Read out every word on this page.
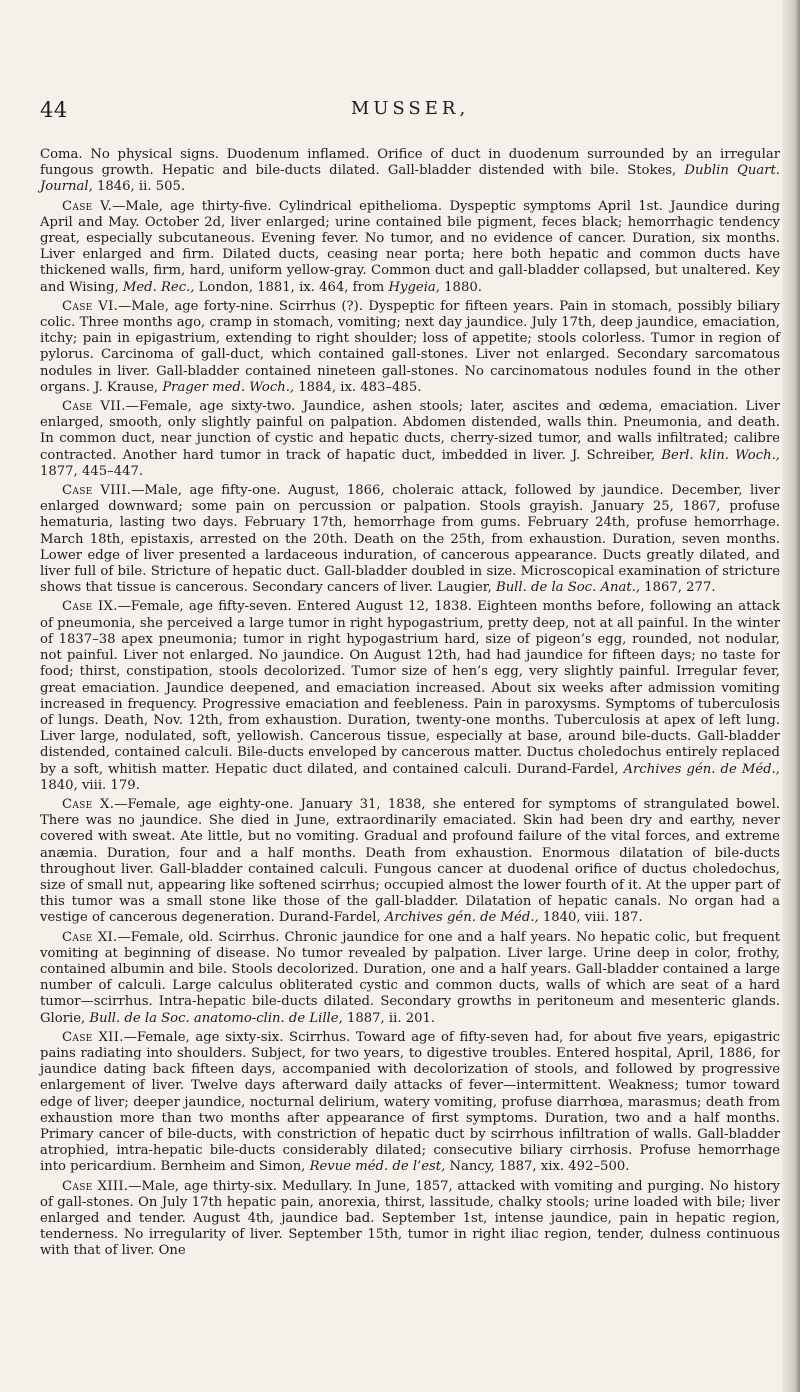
44	MUSSER,

Coma. No physical signs. Duodenum inflamed. Orifice of duct in duodenum surrounded by an irregular fungous growth. Hepatic and bile-ducts dilated. Gall-bladder distended with bile. Stokes, Dublin Quart. Journal, 1846, ii. 505.

Case V.—Male, age thirty-five. Cylindrical epithelioma. Dyspeptic symptoms April 1st. Jaundice during April and May. October 2d, liver enlarged; urine contained bile pigment, feces black; hemorrhagic tendency great, especially subcutaneous. Evening fever. No tumor, and no evidence of cancer. Duration, six months. Liver enlarged and firm. Dilated ducts, ceasing near porta; here both hepatic and common ducts have thickened walls, firm, hard, uniform yellow-gray. Common duct and gall-bladder collapsed, but unaltered. Key and Wising, Med. Rec., London, 1881, ix. 464, from Hygeia, 1880.

Case VI.—Male, age forty-nine. Scirrhus (?). Dyspeptic for fifteen years. Pain in stomach, possibly biliary colic. Three months ago, cramp in stomach, vomiting; next day jaundice. July 17th, deep jaundice, emaciation, itchy; pain in epigastrium, extending to right shoulder; loss of appetite; stools colorless. Tumor in region of pylorus. Carcinoma of gall-duct, which contained gall-stones. Liver not enlarged. Secondary sarcomatous nodules in liver. Gall-bladder contained nineteen gall-stones. No carcinomatous nodules found in the other organs. J. Krause, Prager med. Woch., 1884, ix. 483–485.

Case VII.—Female, age sixty-two. Jaundice, ashen stools; later, ascites and œdema, emaciation. Liver enlarged, smooth, only slightly painful on palpation. Abdomen distended, walls thin. Pneumonia, and death. In common duct, near junction of cystic and hepatic ducts, cherry-sized tumor, and walls infiltrated; calibre contracted. Another hard tumor in track of hapatic duct, imbedded in liver. J. Schreiber, Berl. klin. Woch., 1877, 445–447.

Case VIII.—Male, age fifty-one. August, 1866, choleraic attack, followed by jaundice. December, liver enlarged downward; some pain on percussion or palpation. Stools grayish. January 25, 1867, profuse hematuria, lasting two days. February 17th, hemorrhage from gums. February 24th, profuse hemorrhage. March 18th, epistaxis, arrested on the 20th. Death on the 25th, from exhaustion. Duration, seven months. Lower edge of liver presented a lardaceous induration, of cancerous appearance. Ducts greatly dilated, and liver full of bile. Stricture of hepatic duct. Gall-bladder doubled in size. Microscopical examination of stricture shows that tissue is cancerous. Secondary cancers of liver. Laugier, Bull. de la Soc. Anat., 1867, 277.

Case IX.—Female, age fifty-seven. Entered August 12, 1838. Eighteen months before, following an attack of pneumonia, she perceived a large tumor in right hypogastrium, pretty deep, not at all painful. In the winter of 1837–38 apex pneumonia; tumor in right hypogastrium hard, size of pigeon’s egg, rounded, not nodular, not painful. Liver not enlarged. No jaundice. On August 12th, had had jaundice for fifteen days; no taste for food; thirst, constipation, stools decolorized. Tumor size of hen’s egg, very slightly painful. Irregular fever, great emaciation. Jaundice deepened, and emaciation increased. About six weeks after admission vomiting increased in frequency. Progressive emaciation and feebleness. Pain in paroxysms. Symptoms of tuberculosis of lungs. Death, Nov. 12th, from exhaustion. Duration, twenty-one months. Tuberculosis at apex of left lung. Liver large, nodulated, soft, yellowish. Cancerous tissue, especially at base, around bile-ducts. Gall-bladder distended, contained calculi. Bile-ducts enveloped by cancerous matter. Ductus choledochus entirely replaced by a soft, whitish matter. Hepatic duct dilated, and contained calculi. Durand-Fardel, Archives gén. de Méd., 1840, viii. 179.

Case X.—Female, age eighty-one. January 31, 1838, she entered for symptoms of strangulated bowel. There was no jaundice. She died in June, extraordinarily emaciated. Skin had been dry and earthy, never covered with sweat. Ate little, but no vomiting. Gradual and profound failure of the vital forces, and extreme anæmia. Duration, four and a half months. Death from exhaustion. Enormous dilatation of bile-ducts throughout liver. Gall-bladder contained calculi. Fungous cancer at duodenal orifice of ductus choledochus, size of small nut, appearing like softened scirrhus; occupied almost the lower fourth of it. At the upper part of this tumor was a small stone like those of the gall-bladder. Dilatation of hepatic canals. No organ had a vestige of cancerous degeneration. Durand-Fardel, Archives gén. de Méd., 1840, viii. 187.

Case XI.—Female, old. Scirrhus. Chronic jaundice for one and a half years. No hepatic colic, but frequent vomiting at beginning of disease. No tumor revealed by palpation. Liver large. Urine deep in color, frothy, contained albumin and bile. Stools decolorized. Duration, one and a half years. Gall-bladder contained a large number of calculi. Large calculus obliterated cystic and common ducts, walls of which are seat of a hard tumor—scirrhus. Intra-hepatic bile-ducts dilated. Secondary growths in peritoneum and mesenteric glands. Glorie, Bull. de la Soc. anatomo-clin. de Lille, 1887, ii. 201.

Case XII.—Female, age sixty-six. Scirrhus. Toward age of fifty-seven had, for about five years, epigastric pains radiating into shoulders. Subject, for two years, to digestive troubles. Entered hospital, April, 1886, for jaundice dating back fifteen days, accompanied with decolorization of stools, and followed by progressive enlargement of liver. Twelve days afterward daily attacks of fever—intermittent. Weakness; tumor toward edge of liver; deeper jaundice, nocturnal delirium, watery vomiting, profuse diarrhœa, marasmus; death from exhaustion more than two months after appearance of first symptoms. Duration, two and a half months. Primary cancer of bile-ducts, with constriction of hepatic duct by scirrhous infiltration of walls. Gall-bladder atrophied, intra-hepatic bile-ducts considerably dilated; consecutive biliary cirrhosis. Profuse hemorrhage into pericardium. Bernheim and Simon, Revue méd. de l’est, Nancy, 1887, xix. 492–500.

Case XIII.—Male, age thirty-six. Medullary. In June, 1857, attacked with vomiting and purging. No history of gall-stones. On July 17th hepatic pain, anorexia, thirst, lassitude, chalky stools; urine loaded with bile; liver enlarged and tender. August 4th, jaundice bad. September 1st, intense jaundice, pain in hepatic region, tenderness. No irregularity of liver. September 15th, tumor in right iliac region, tender, dulness continuous with that of liver. One
